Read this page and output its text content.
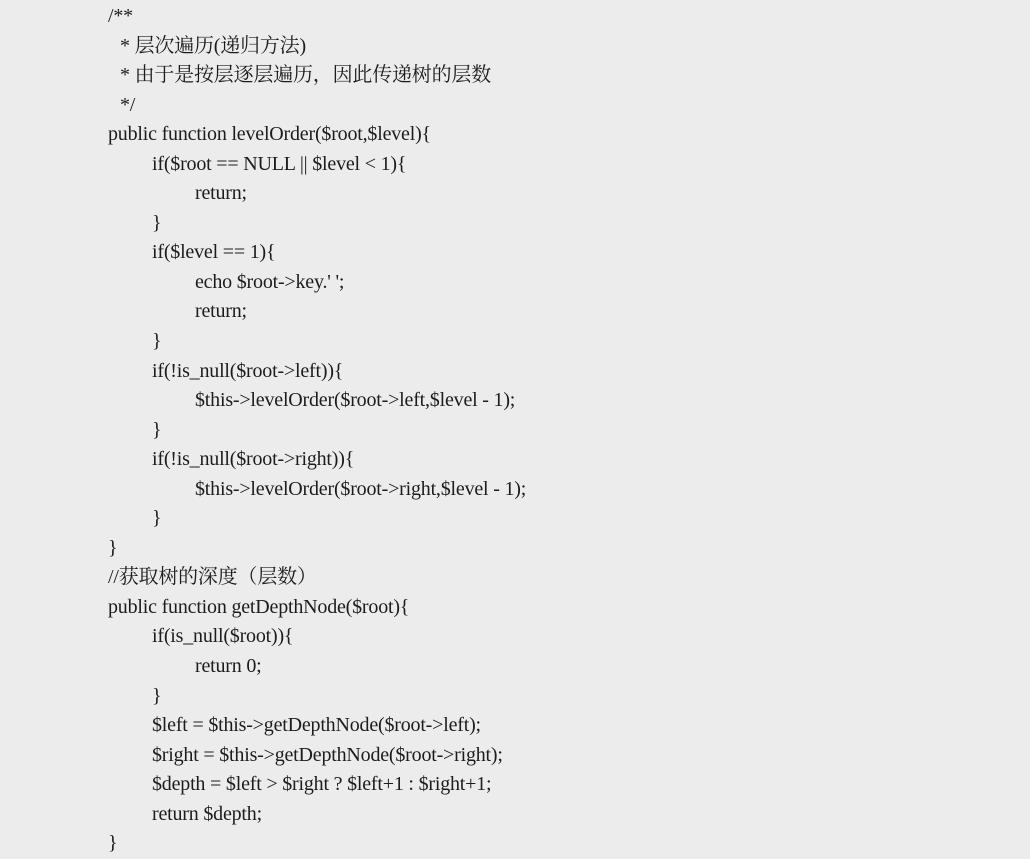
/**
* 层次遍历(递归方法)
* 由于是按层逐层遍历，因此传递树的层数
*/
public function levelOrder($root,$level){
if($root == NULL || $level < 1){
return;
}
if($level == 1){
echo $root->key.' ';
return;
}
if(!is_null($root->left)){
$this->levelOrder($root->left,$level - 1);
}
if(!is_null($root->right)){
$this->levelOrder($root->right,$level - 1);
}
}
//获取树的深度（层数）
public function getDepthNode($root){
if(is_null($root)){
return 0;
}
$left = $this->getDepthNode($root->left);
$right = $this->getDepthNode($root->right);
$depth = $left > $right ? $left+1 : $right+1;
return $depth;
}
